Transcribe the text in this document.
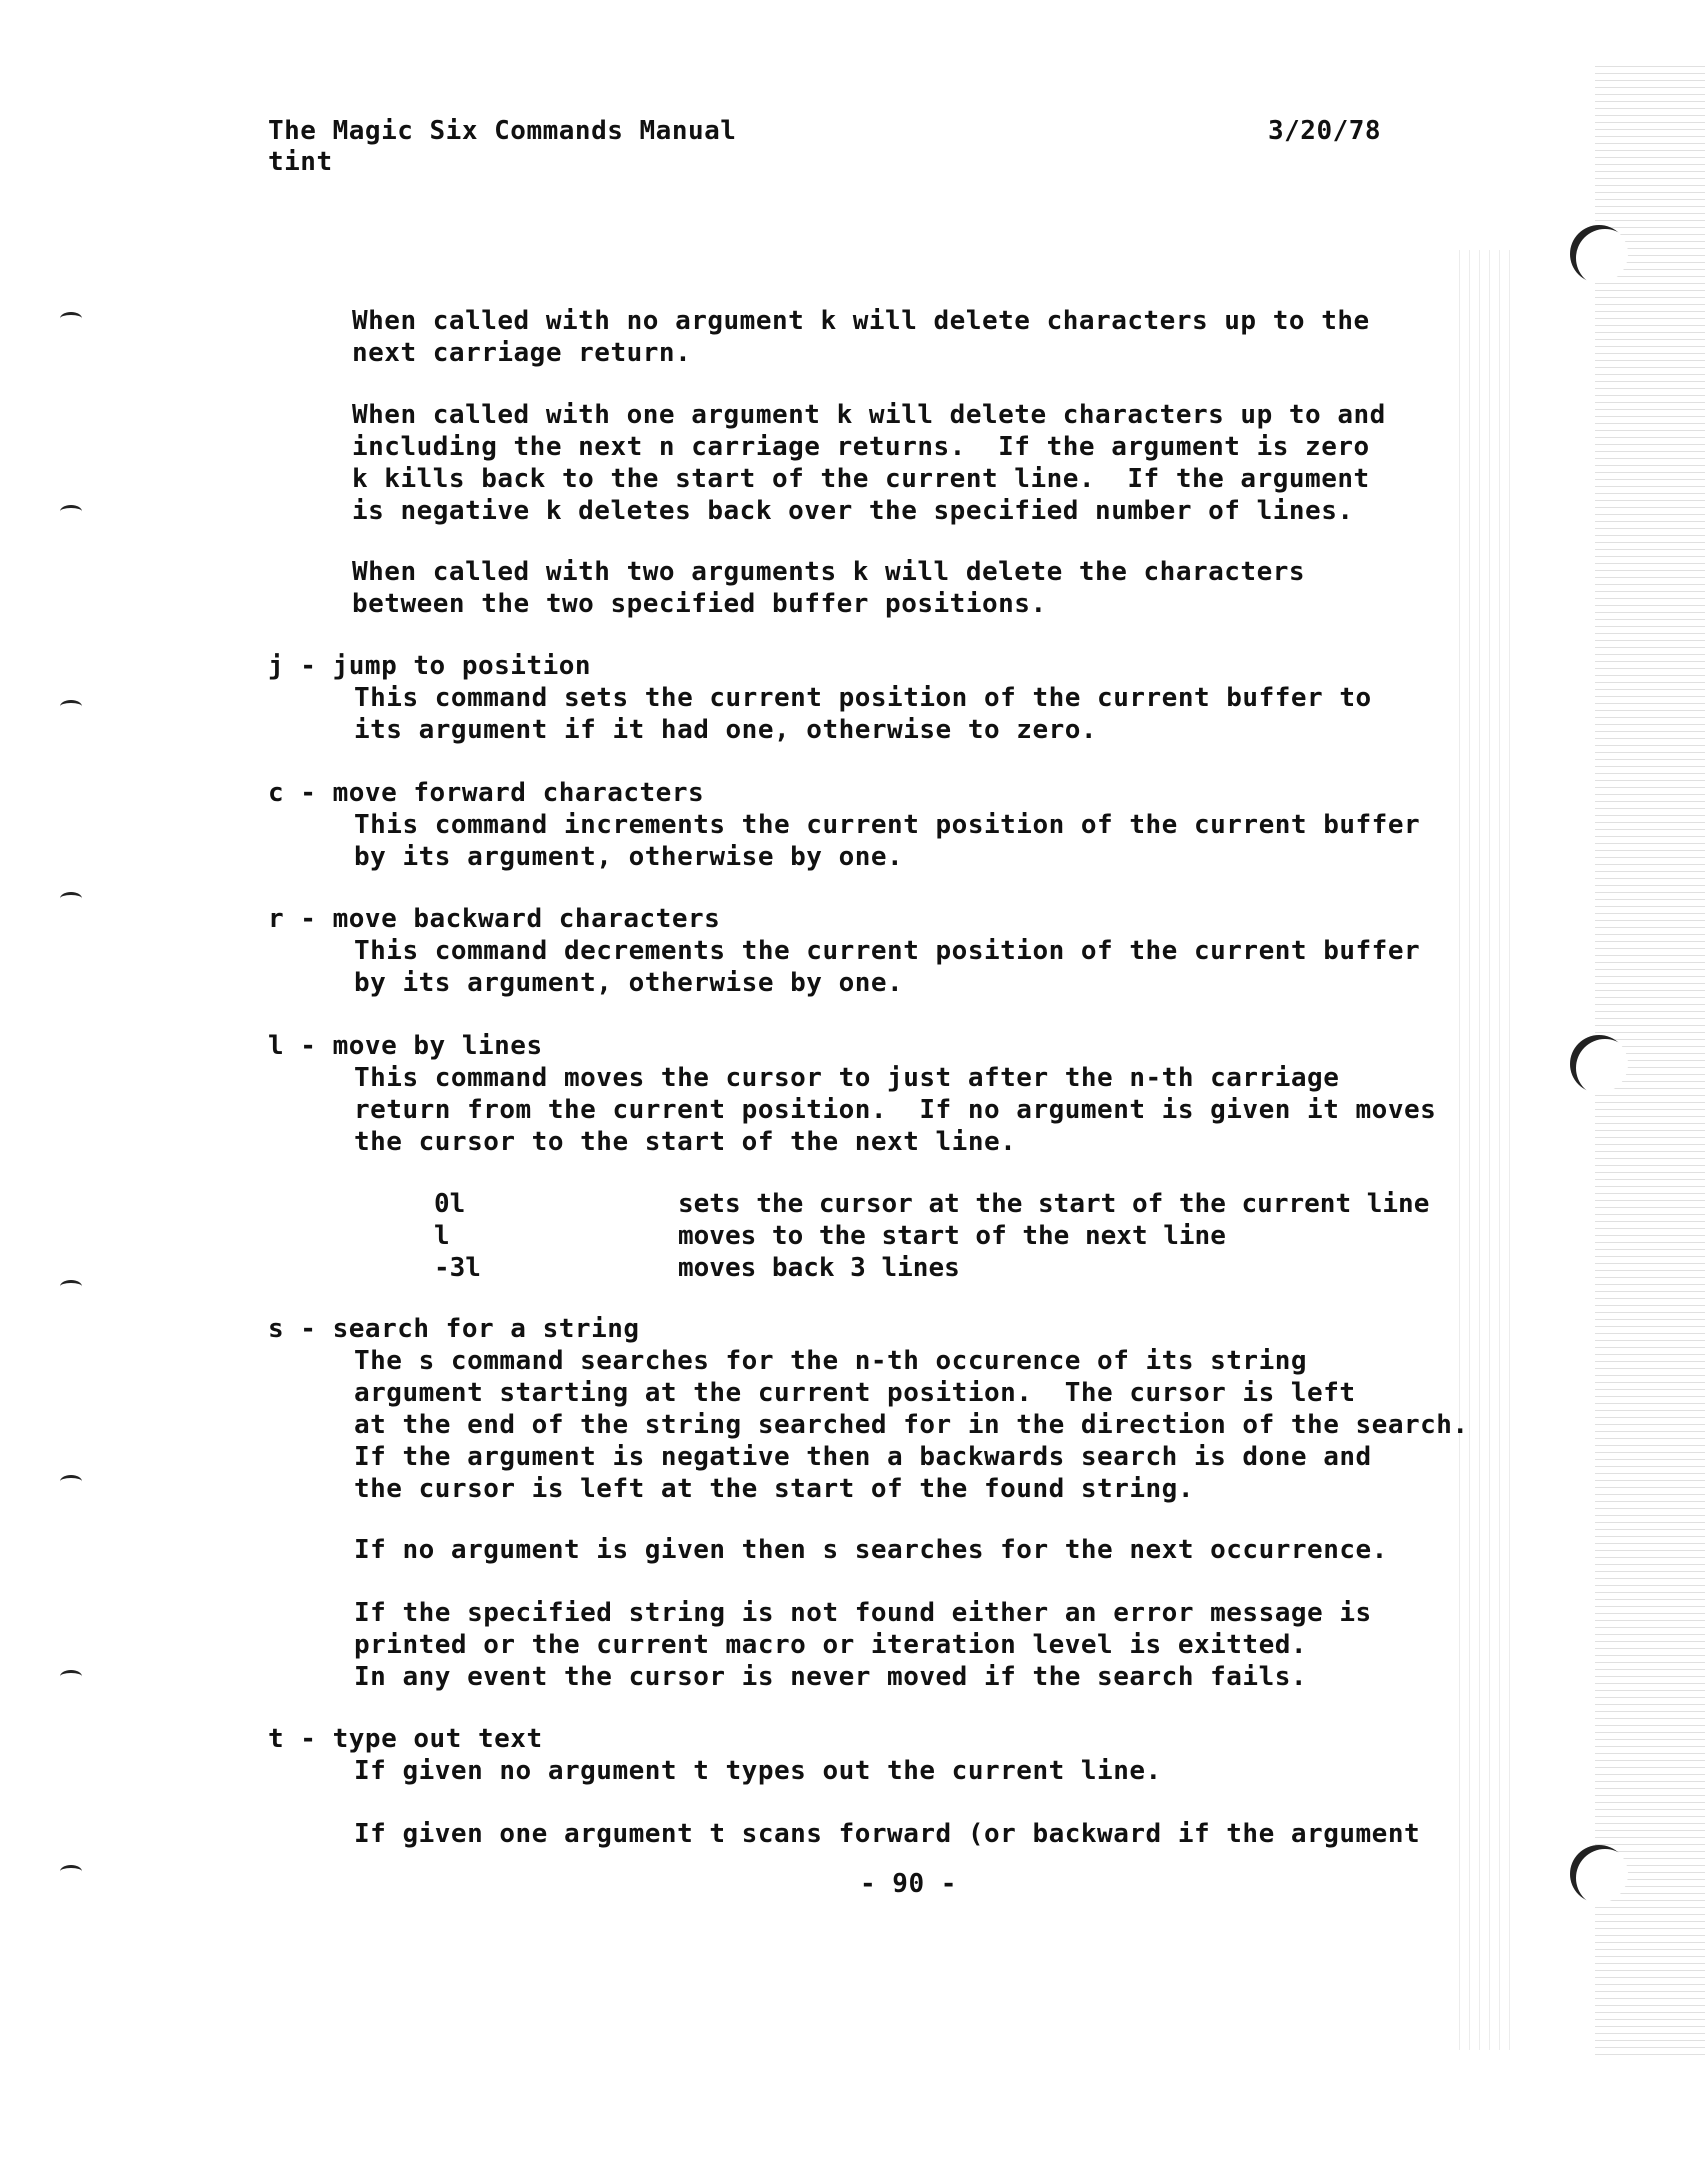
The Magic Six Commands Manual
tint
3/20/78
When called with no argument k will delete characters up to the
next carriage return.
When called with one argument k will delete characters up to and
including the next n carriage returns.  If the argument is zero
k kills back to the start of the current line.  If the argument
is negative k deletes back over the specified number of lines.
When called with two arguments k will delete the characters
between the two specified buffer positions.
j - jump to position
This command sets the current position of the current buffer to
its argument if it had one, otherwise to zero.
c - move forward characters
This command increments the current position of the current buffer
by its argument, otherwise by one.
r - move backward characters
This command decrements the current position of the current buffer
by its argument, otherwise by one.
l - move by lines
This command moves the cursor to just after the n-th carriage
return from the current position.  If no argument is given it moves
the cursor to the start of the next line.
0l	sets the cursor at the start of the current line
l	moves to the start of the next line
-3l	moves back 3 lines
s - search for a string
The s command searches for the n-th occurence of its string
argument starting at the current position.  The cursor is left
at the end of the string searched for in the direction of the search.
If the argument is negative then a backwards search is done and
the cursor is left at the start of the found string.
If no argument is given then s searches for the next occurrence.
If the specified string is not found either an error message is
printed or the current macro or iteration level is exitted.
In any event the cursor is never moved if the search fails.
t - type out text
If given no argument t types out the current line.
If given one argument t scans forward (or backward if the argument
- 90 -
